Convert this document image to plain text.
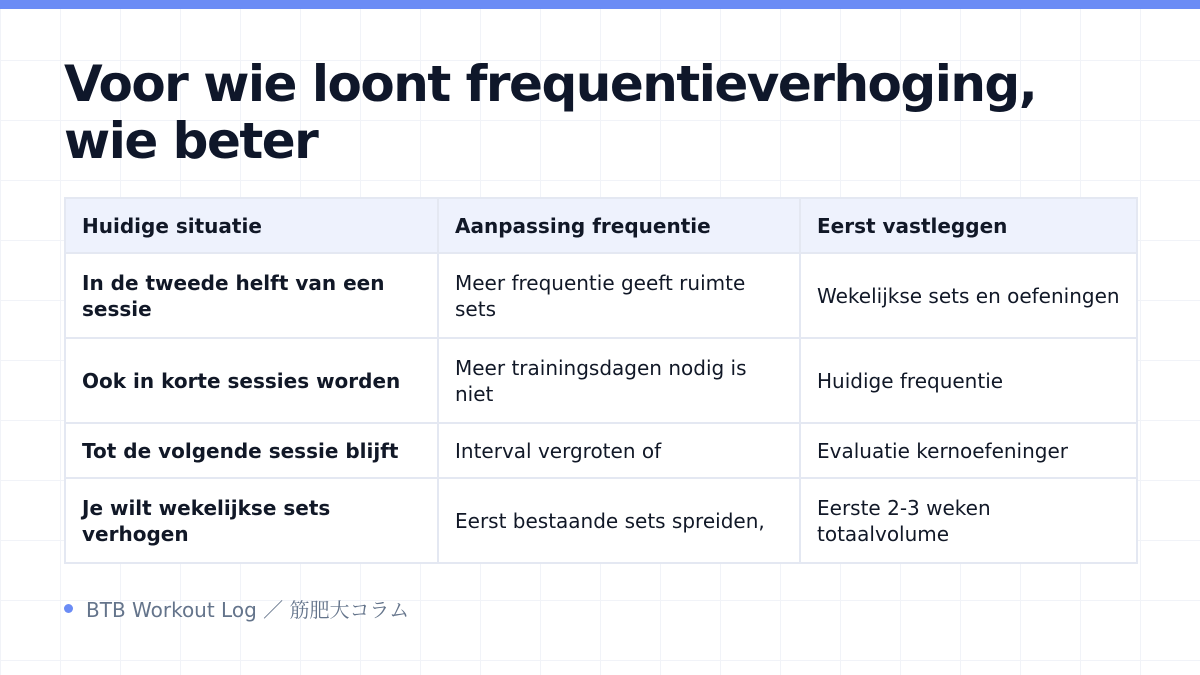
Voor wie loont frequentieverhoging, wie beter
Huidige situatie	Aanpassing frequentie	Eerst vastleggen
In de tweede helft van een sessie	Meer frequentie geeft ruimte sets	Wekelijkse sets en oefeningen
Ook in korte sessies worden	Meer trainingsdagen nodig is niet	Huidige frequentie
Tot de volgende sessie blijft	Interval vergroten of	Evaluatie kernoefeninger
Je wilt wekelijkse sets verhogen	Eerst bestaande sets spreiden,	Eerste 2-3 weken totaalvolume
BTB Workout Log ／ 筋肥大コラム
